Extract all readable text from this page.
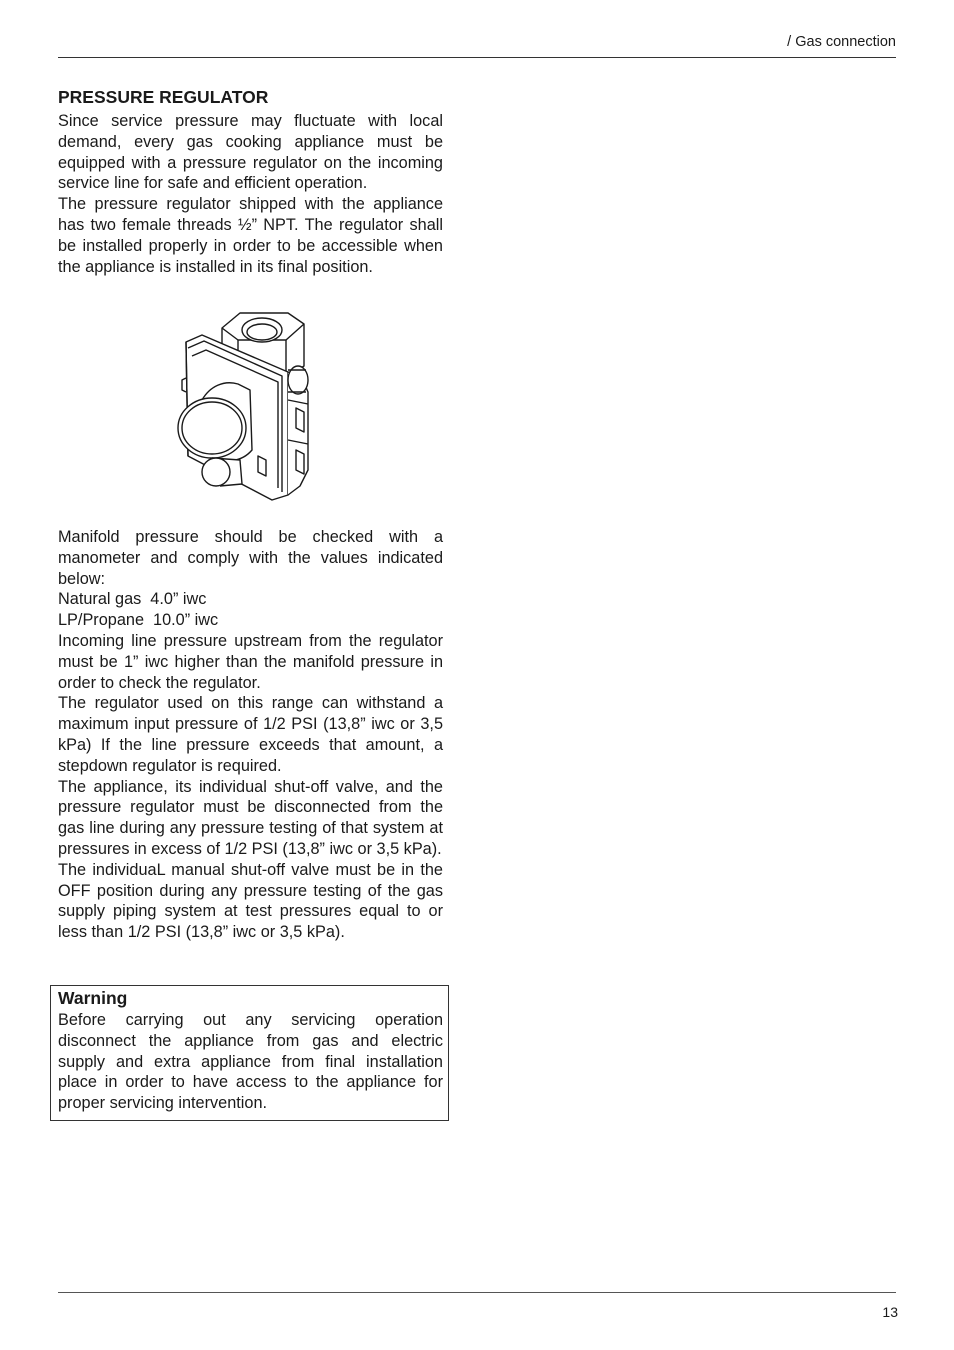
/ Gas connection
PRESSURE REGULATOR

Since service pressure may fluctuate with local demand, every gas cooking appliance must be equipped with a pressure regulator on the incoming service line for safe and efficient operation.

The pressure regulator shipped with the appliance has two female threads ½” NPT. The regulator shall be installed properly in order to be accessible when the appliance is installed in its final position.

Manifold pressure should be checked with a manometer and comply with the values indicated below:

Natural gas  4.0” iwc

LP/Propane  10.0” iwc

Incoming line pressure upstream from the regulator must be 1” iwc higher than the manifold pressure in order to check the regulator.

The regulator used on this range can withstand a maximum input pressure of 1/2 PSI (13,8” iwc or 3,5 kPa) If the line pressure exceeds that amount, a stepdown regulator is required.

The appliance, its individual shut-off valve, and the pressure regulator must be disconnected from the gas line during any pressure testing of that system at pressures in excess of 1/2 PSI (13,8” iwc or 3,5 kPa).

The individuaL manual shut-off valve must be in the OFF position during any pressure testing of the gas supply piping system at test pressures equal to or less than 1/2 PSI (13,8” iwc or 3,5 kPa).

Warning

Before carrying out any servicing operation disconnect the appliance from gas and electric supply and extra appliance from final installation place in order to have access to the appliance for proper servicing intervention.

13
